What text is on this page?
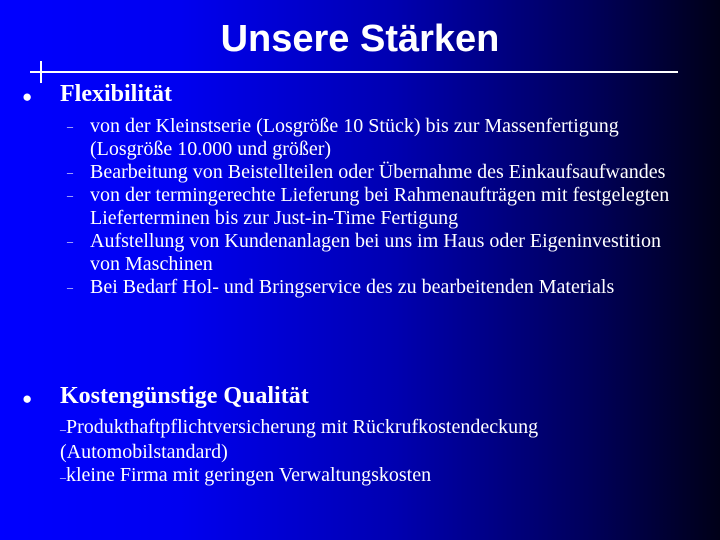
Unsere Stärken
●	Flexibilität
– von der Kleinstserie (Losgröße 10 Stück) bis zur Massenfertigung (Losgröße 10.000 und größer)
– Bearbeitung von Beistellteilen oder Übernahme des Einkaufsaufwandes
– von der termingerechte Lieferung bei Rahmenaufträgen mit festgelegten Lieferterminen bis zur Just-in-Time Fertigung
– Aufstellung von Kundenanlagen bei uns im Haus oder Eigeninvestition von Maschinen
– Bei Bedarf Hol- und Bringservice des zu bearbeitenden Materials
●	Kostengünstige Qualität
–Produkthaftpflichtversicherung mit Rückrufkostendeckung (Automobilstandard)
–kleine Firma mit geringen Verwaltungskosten
